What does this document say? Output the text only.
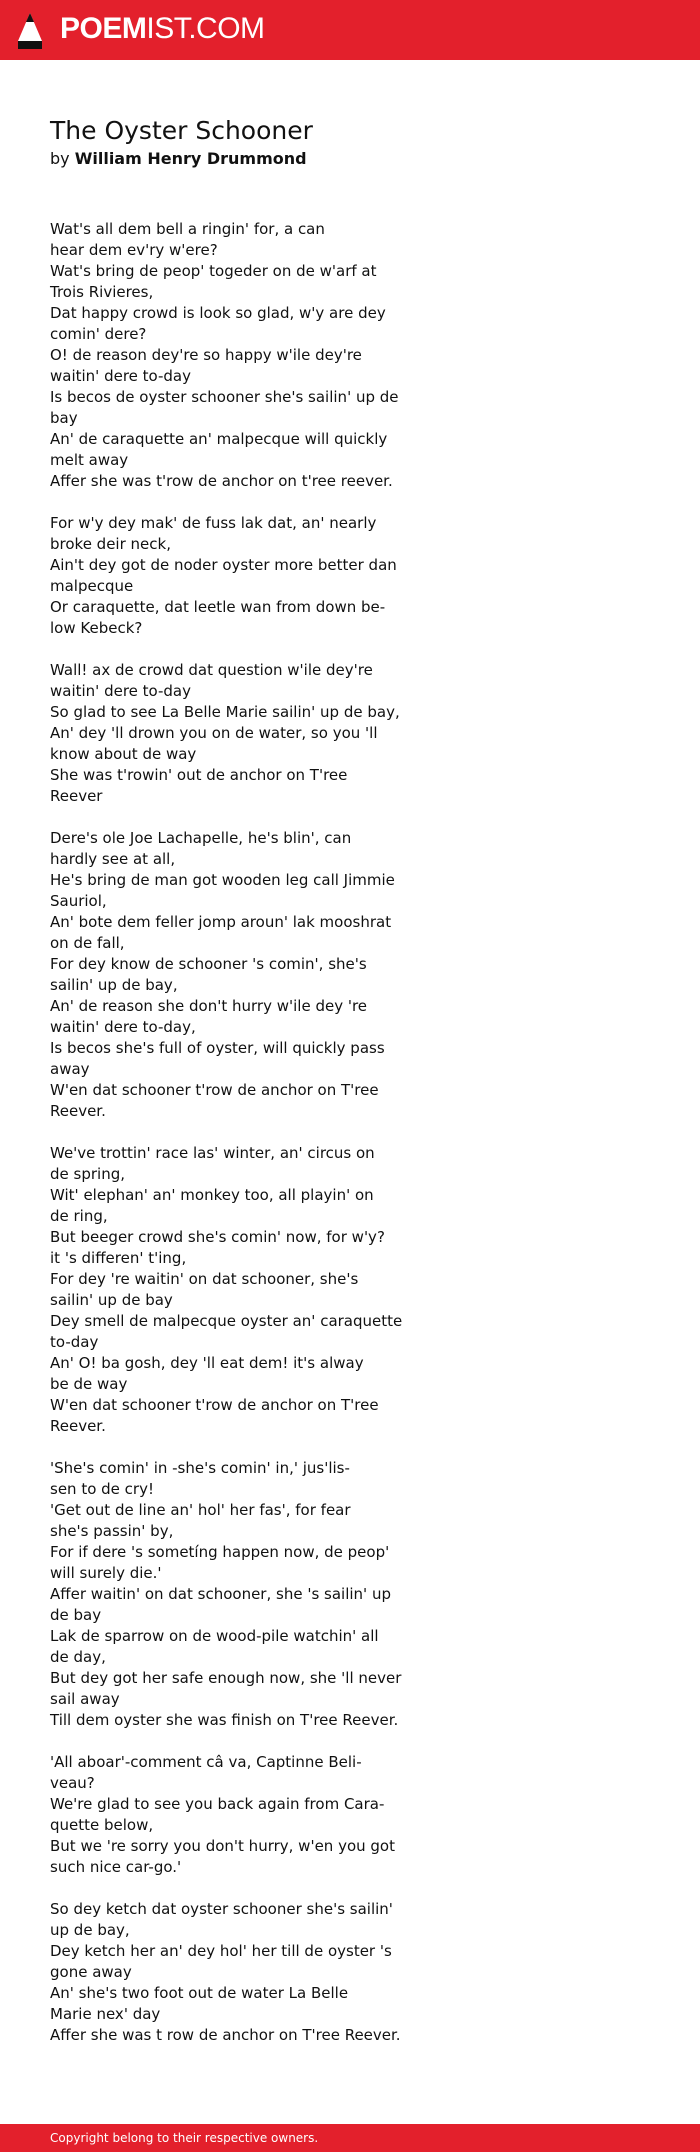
POEMIST.COM
The Oyster Schooner
by William Henry Drummond
Wat's all dem bell a ringin' for, a can
hear dem ev'ry w'ere?
Wat's bring de peop' togeder on de w'arf at
Trois Rivieres,
Dat happy crowd is look so glad, w'y are dey
comin' dere?
O! de reason dey're so happy w'ile dey're
waitin' dere to-day
Is becos de oyster schooner she's sailin' up de
bay
An' de caraquette an' malpecque will quickly
melt away
Affer she was t'row de anchor on t'ree reever.
For w'y dey mak' de fuss lak dat, an' nearly
broke deir neck,
Ain't dey got de noder oyster more better dan
malpecque
Or caraquette, dat leetle wan from down be-
low Kebeck?
Wall! ax de crowd dat question w'ile dey're
waitin' dere to-day
So glad to see La Belle Marie sailin' up de bay,
An' dey 'll drown you on de water, so you 'll
know about de way
She was t'rowin' out de anchor on T'ree
Reever
Dere's ole Joe Lachapelle, he's blin', can
hardly see at all,
He's bring de man got wooden leg call Jimmie
Sauriol,
An' bote dem feller jomp aroun' lak mooshrat
on de fall,
For dey know de schooner 's comin', she's
sailin' up de bay,
An' de reason she don't hurry w'ile dey 're
waitin' dere to-day,
Is becos she's full of oyster, will quickly pass
away
W'en dat schooner t'row de anchor on T'ree
Reever.
We've trottin' race las' winter, an' circus on
de spring,
Wit' elephan' an' monkey too, all playin' on
de ring,
But beeger crowd she's comin' now, for w'y?
it 's differen' t'ing,
For dey 're waitin' on dat schooner, she's
sailin' up de bay
Dey smell de malpecque oyster an' caraquette
to-day
An' O! ba gosh, dey 'll eat dem! it's alway
be de way
W'en dat schooner t'row de anchor on T'ree
Reever.
'She's comin' in -she's comin' in,' jus'lis-
sen to de cry!
'Get out de line an' hol' her fas', for fear
she's passin' by,
For if dere 's sometíng happen now, de peop'
will surely die.'
Affer waitin' on dat schooner, she 's sailin' up
de bay
Lak de sparrow on de wood-pile watchin' all
de day,
But dey got her safe enough now, she 'll never
sail away
Till dem oyster she was finish on T'ree Reever.
'All aboar'-comment câ va, Captinne Beli-
veau?
We're glad to see you back again from Cara-
quette below,
But we 're sorry you don't hurry, w'en you got
such nice car-go.'
So dey ketch dat oyster schooner she's sailin'
up de bay,
Dey ketch her an' dey hol' her till de oyster 's
gone away
An' she's two foot out de water La Belle
Marie nex' day
Affer she was t row de anchor on T'ree Reever.
Copyright belong to their respective owners.
